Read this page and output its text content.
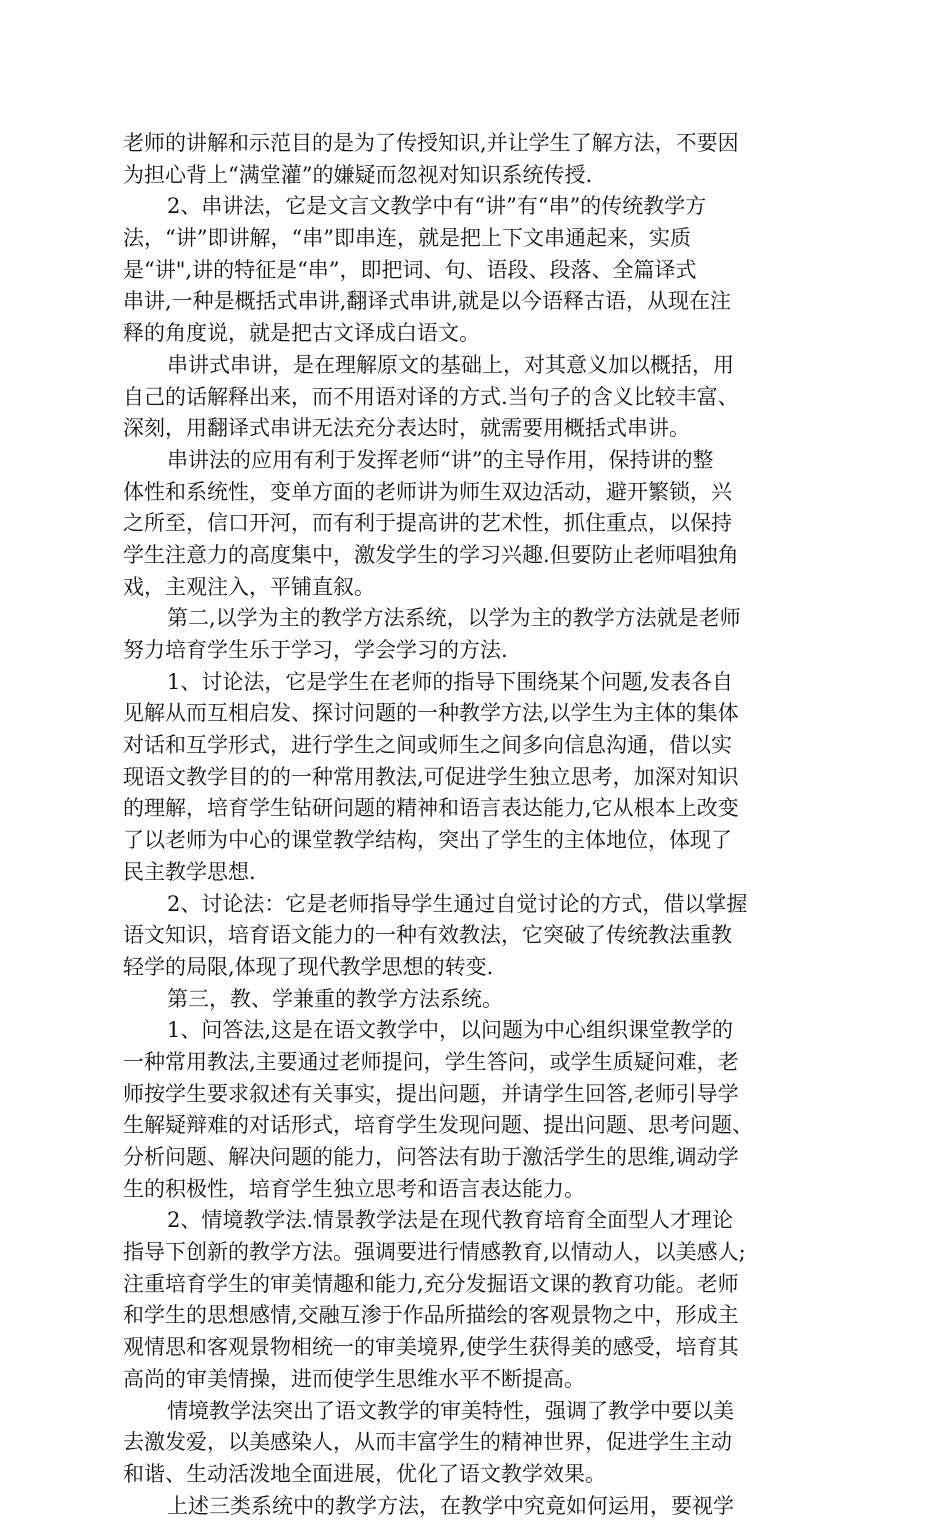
老师的讲解和示范目的是为了传授知识,并让学生了解方法，不要因
为担心背上“满堂灌”的嫌疑而忽视对知识系统传授.
2、串讲法，它是文言文教学中有“讲”有“串”的传统教学方
法，“讲”即讲解，“串”即串连，就是把上下文串通起来，实质
是“讲",讲的特征是“串”，即把词、句、语段、段落、全篇译式
串讲,一种是概括式串讲,翻译式串讲,就是以今语释古语，从现在注
释的角度说，就是把古文译成白语文。
串讲式串讲，是在理解原文的基础上，对其意义加以概括，用
自己的话解释出来，而不用语对译的方式.当句子的含义比较丰富、
深刻，用翻译式串讲无法充分表达时，就需要用概括式串讲。
串讲法的应用有利于发挥老师“讲”的主导作用，保持讲的整
体性和系统性，变单方面的老师讲为师生双边活动，避开繁锁，兴
之所至，信口开河，而有利于提高讲的艺术性，抓住重点，以保持
学生注意力的高度集中，激发学生的学习兴趣.但要防止老师唱独角
戏，主观注入，平铺直叙。
第二,以学为主的教学方法系统，以学为主的教学方法就是老师
努力培育学生乐于学习，学会学习的方法.
1、讨论法，它是学生在老师的指导下围绕某个问题,发表各自
见解从而互相启发、探讨问题的一种教学方法,以学生为主体的集体
对话和互学形式，进行学生之间或师生之间多向信息沟通，借以实
现语文教学目的的一种常用教法,可促进学生独立思考，加深对知识
的理解，培育学生钻研问题的精神和语言表达能力,它从根本上改变
了以老师为中心的课堂教学结构，突出了学生的主体地位，体现了
民主教学思想.
2、讨论法：它是老师指导学生通过自觉讨论的方式，借以掌握
语文知识，培育语文能力的一种有效教法，它突破了传统教法重教
轻学的局限,体现了现代教学思想的转变.
第三，教、学兼重的教学方法系统。
1、问答法,这是在语文教学中，以问题为中心组织课堂教学的
一种常用教法,主要通过老师提问，学生答问，或学生质疑问难，老
师按学生要求叙述有关事实，提出问题，并请学生回答,老师引导学
生解疑辩难的对话形式，培育学生发现问题、提出问题、思考问题、
分析问题、解决问题的能力，问答法有助于激活学生的思维,调动学
生的积极性，培育学生独立思考和语言表达能力。
2、情境教学法.情景教学法是在现代教育培育全面型人才理论
指导下创新的教学方法。强调要进行情感教育,以情动人，以美感人;
注重培育学生的审美情趣和能力,充分发掘语文课的教育功能。老师
和学生的思想感情,交融互渗于作品所描绘的客观景物之中，形成主
观情思和客观景物相统一的审美境界,使学生获得美的感受，培育其
高尚的审美情操，进而使学生思维水平不断提高。
情境教学法突出了语文教学的审美特性，强调了教学中要以美
去激发爱，以美感染人，从而丰富学生的精神世界，促进学生主动
和谐、生动活泼地全面进展，优化了语文教学效果。
上述三类系统中的教学方法，在教学中究竟如何运用，要视学
